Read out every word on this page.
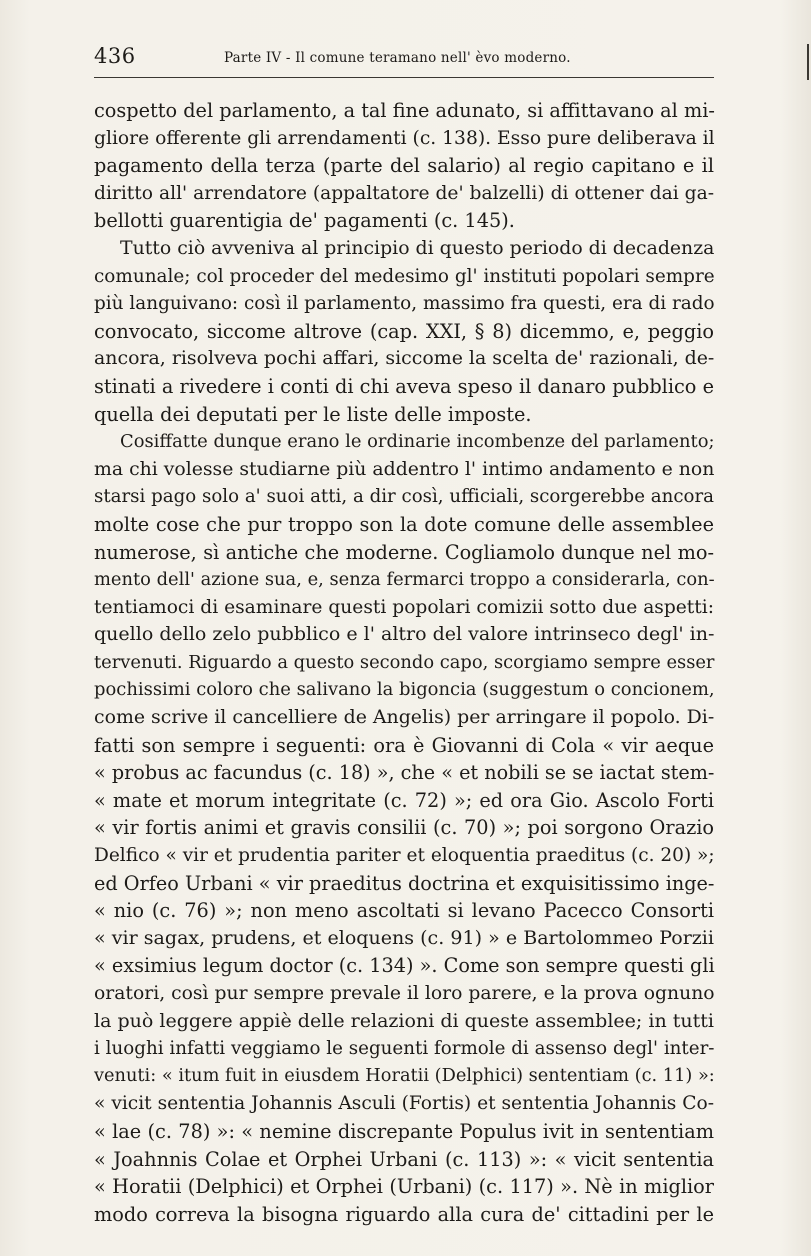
436	Parte IV - Il comune teramano nell' èvo moderno.
cospetto del parlamento, a tal fine adunato, si affittavano al mi-
gliore offerente gli arrendamenti (c. 138). Esso pure deliberava il
pagamento della terza (parte del salario) al regio capitano e il
diritto all' arrendatore (appaltatore de' balzelli) di ottener dai ga-
bellotti guarentigia de' pagamenti (c. 145).
Tutto ciò avveniva al principio di questo periodo di decadenza
comunale; col proceder del medesimo gl' instituti popolari sempre
più languivano: così il parlamento, massimo fra questi, era di rado
convocato, siccome altrove (cap. XXI, § 8) dicemmo, e, peggio
ancora, risolveva pochi affari, siccome la scelta de' razionali, de-
stinati a rivedere i conti di chi aveva speso il danaro pubblico e
quella dei deputati per le liste delle imposte.
Cosiffatte dunque erano le ordinarie incombenze del parlamento;
ma chi volesse studiarne più addentro l' intimo andamento e non
starsi pago solo a' suoi atti, a dir così, ufficiali, scorgerebbe ancora
molte cose che pur troppo son la dote comune delle assemblee
numerose, sì antiche che moderne. Cogliamolo dunque nel mo-
mento dell' azione sua, e, senza fermarci troppo a considerarla, con-
tentiamoci di esaminare questi popolari comizii sotto due aspetti:
quello dello zelo pubblico e l' altro del valore intrinseco degl' in-
tervenuti. Riguardo a questo secondo capo, scorgiamo sempre esser
pochissimi coloro che salivano la bigoncia (suggestum o concionem,
come scrive il cancelliere de Angelis) per arringare il popolo. Di-
fatti son sempre i seguenti: ora è Giovanni di Cola « vir aeque
« probus ac facundus (c. 18) », che « et nobili se se iactat stem-
« mate et morum integritate (c. 72) »; ed ora Gio. Ascolo Forti
« vir fortis animi et gravis consilii (c. 70) »; poi sorgono Orazio
Delfico « vir et prudentia pariter et eloquentia praeditus (c. 20) »;
ed Orfeo Urbani « vir praeditus doctrina et exquisitissimo inge-
« nio (c. 76) »; non meno ascoltati si levano Pacecco Consorti
« vir sagax, prudens, et eloquens (c. 91) » e Bartolommeo Porzii
« exsimius legum doctor (c. 134) ». Come son sempre questi gli
oratori, così pur sempre prevale il loro parere, e la prova ognuno
la può leggere appiè delle relazioni di queste assemblee; in tutti
i luoghi infatti veggiamo le seguenti formole di assenso degl' inter-
venuti: « itum fuit in eiusdem Horatii (Delphici) sententiam (c. 11) »:
« vicit sententia Johannis Asculi (Fortis) et sententia Johannis Co-
« lae (c. 78) »: « nemine discrepante Populus ivit in sententiam
« Joahnnis Colae et Orphei Urbani (c. 113) »: « vicit sententia
« Horatii (Delphici) et Orphei (Urbani) (c. 117) ». Nè in miglior
modo correva la bisogna riguardo alla cura de' cittadini per le
